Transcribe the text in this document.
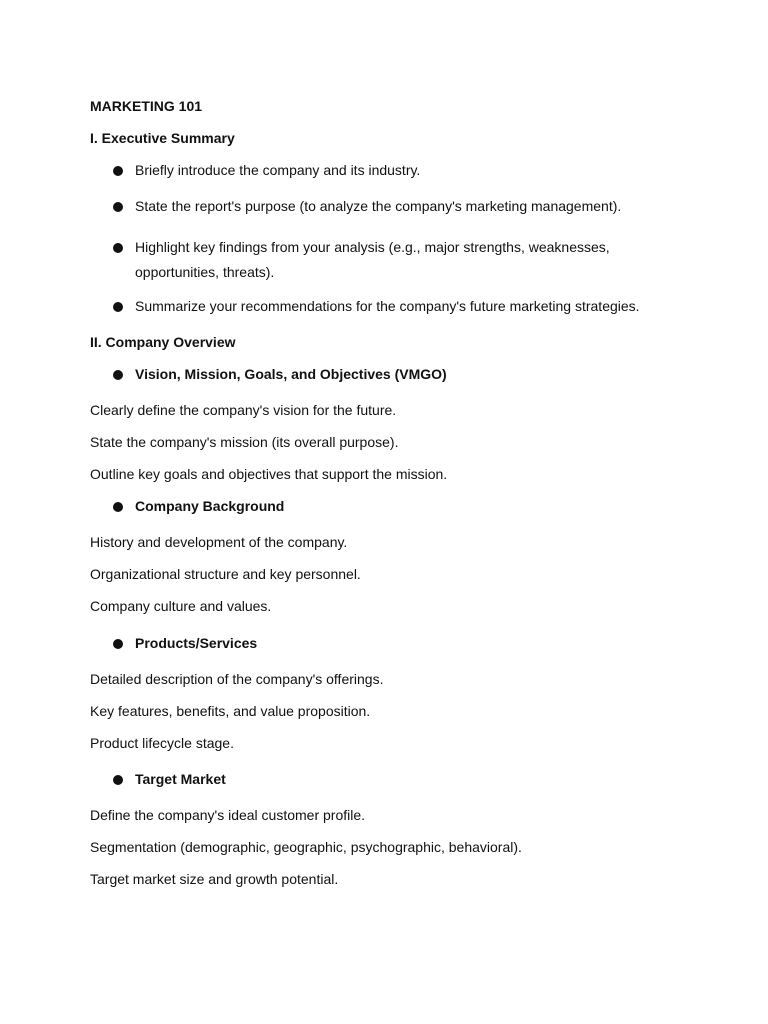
MARKETING 101
I. Executive Summary
Briefly introduce the company and its industry.
State the report's purpose (to analyze the company's marketing management).
Highlight key findings from your analysis (e.g., major strengths, weaknesses, opportunities, threats).
Summarize your recommendations for the company's future marketing strategies.
II. Company Overview
Vision, Mission, Goals, and Objectives (VMGO)
Clearly define the company's vision for the future.
State the company's mission (its overall purpose).
Outline key goals and objectives that support the mission.
Company Background
History and development of the company.
Organizational structure and key personnel.
Company culture and values.
Products/Services
Detailed description of the company's offerings.
Key features, benefits, and value proposition.
Product lifecycle stage.
Target Market
Define the company's ideal customer profile.
Segmentation (demographic, geographic, psychographic, behavioral).
Target market size and growth potential.
